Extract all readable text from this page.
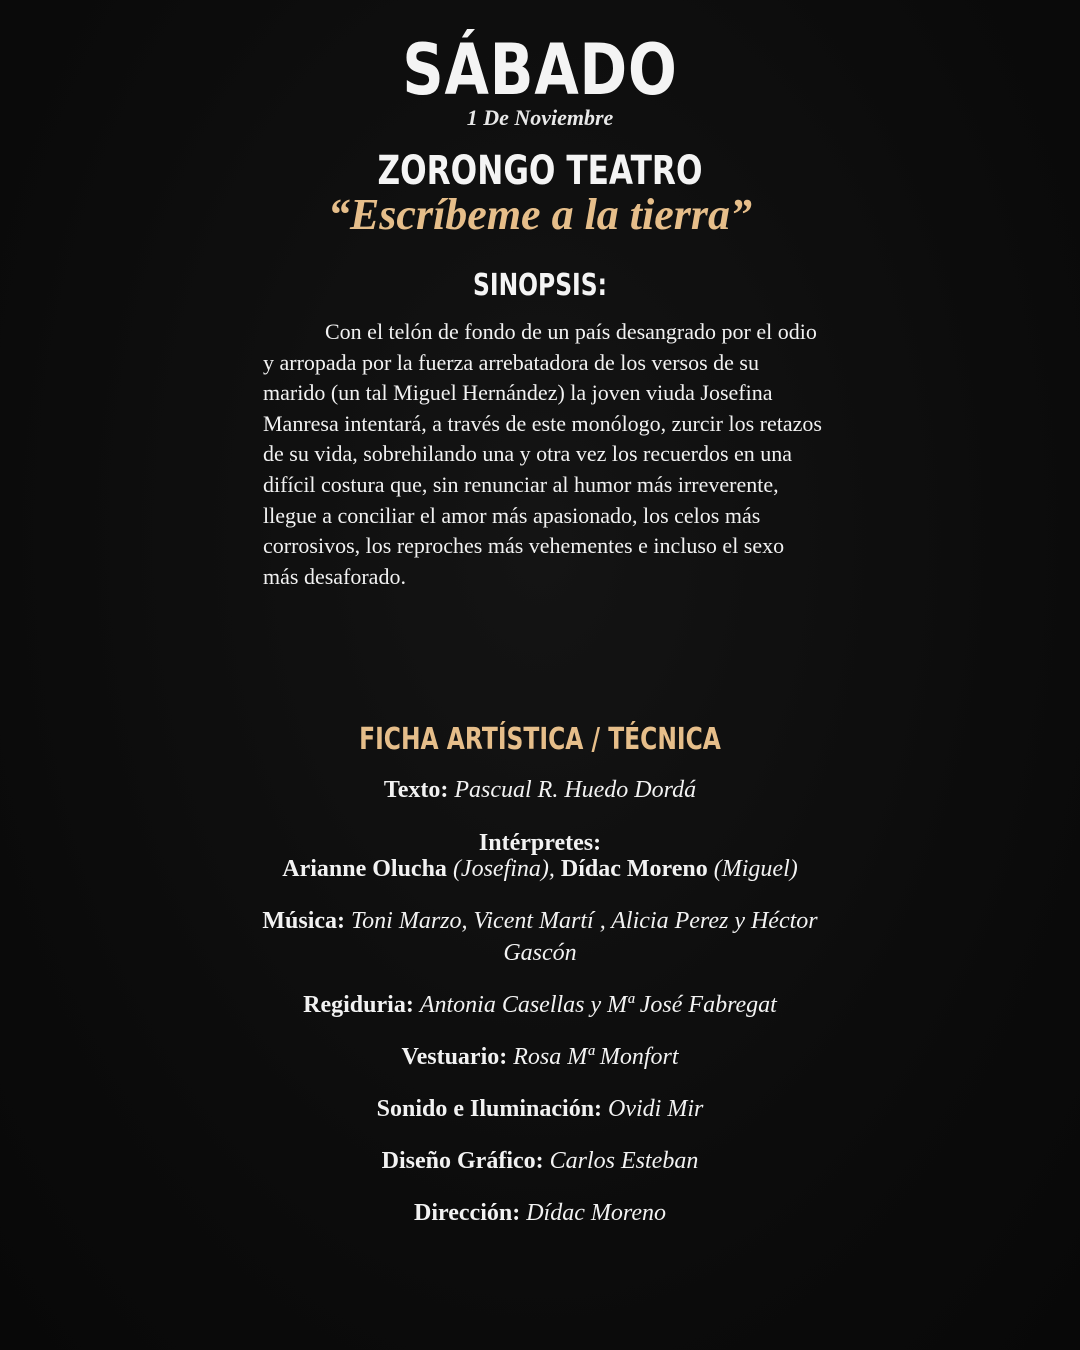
SÁBADO
1 De Noviembre
ZORONGO TEATRO
“Escríbeme a la tierra”
SINOPSIS:

Con el telón de fondo de un país desangrado por el odio y arropada por la fuerza arrebatadora de los versos de su marido (un tal Miguel Hernández) la joven viuda Josefina Manresa intentará, a través de este monólogo, zurcir los retazos de su vida, sobrehilando una y otra vez los recuerdos en una difícil costura que, sin renunciar al humor más irreverente, llegue a conciliar el amor más apasionado, los celos más corrosivos, los reproches más vehementes e incluso el sexo más desaforado.

FICHA ARTÍSTICA / TÉCNICA
Texto: Pascual R. Huedo Dordá
Intérpretes:
Arianne Olucha (Josefina), Dídac Moreno (Miguel)
Música: Toni Marzo, Vicent Martí , Alicia Perez y Héctor
Gascón
Regiduria: Antonia Casellas y Mª José Fabregat
Vestuario: Rosa Mª Monfort
Sonido e Iluminación: Ovidi Mir
Diseño Gráfico: Carlos Esteban
Dirección: Dídac Moreno
